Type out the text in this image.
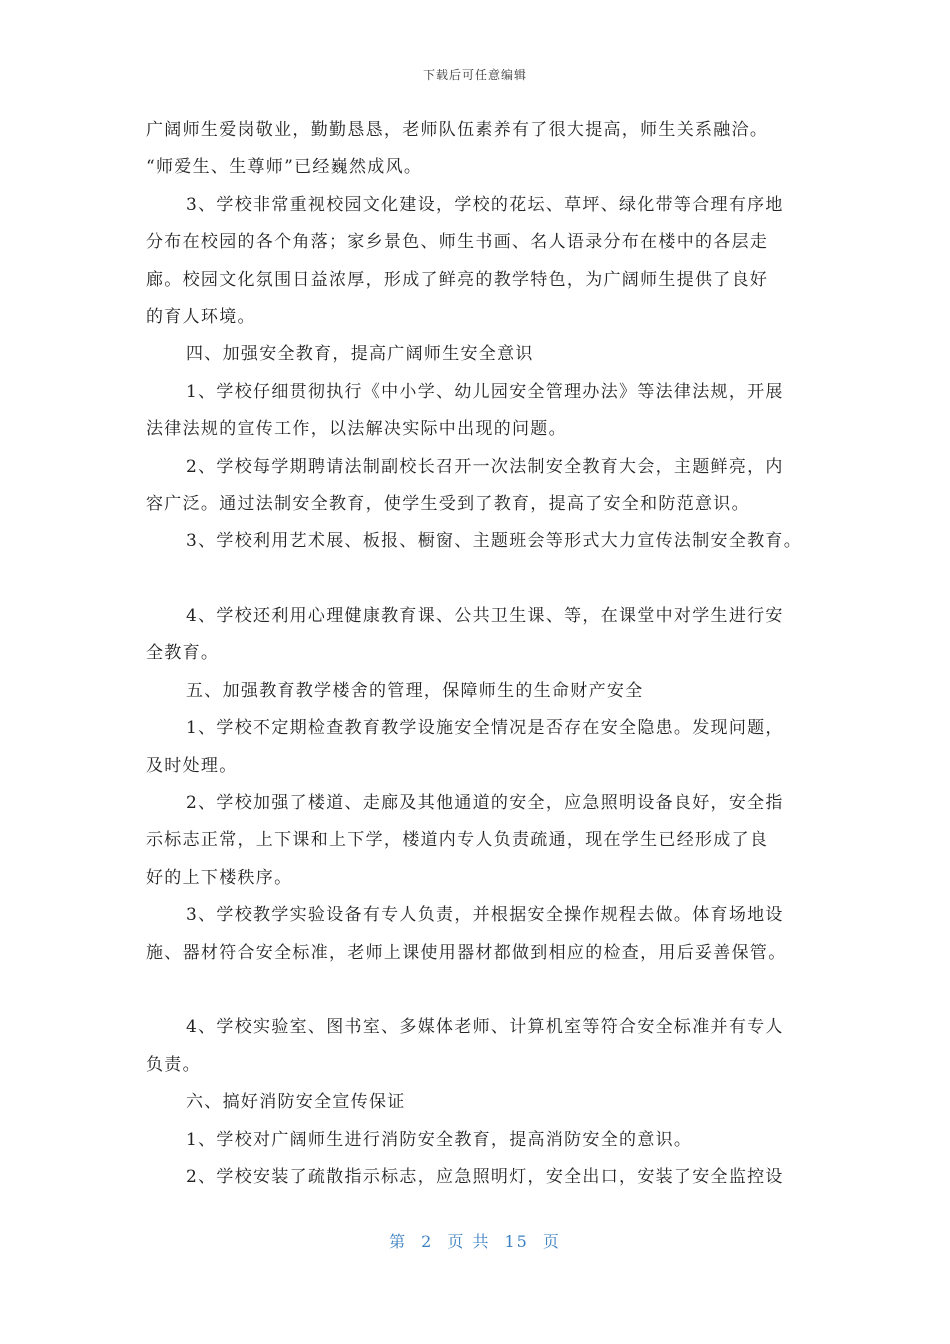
下载后可任意编辑
广阔师生爱岗敬业，勤勤恳恳，老师队伍素养有了很大提高，师生关系融洽。
“师爱生、生尊师”已经巍然成风。
3、学校非常重视校园文化建设，学校的花坛、草坪、绿化带等合理有序地
分布在校园的各个角落；家乡景色、师生书画、名人语录分布在楼中的各层走
廊。校园文化氛围日益浓厚，形成了鲜亮的教学特色，为广阔师生提供了良好
的育人环境。
四、加强安全教育，提高广阔师生安全意识
1、学校仔细贯彻执行《中小学、幼儿园安全管理办法》等法律法规，开展
法律法规的宣传工作，以法解决实际中出现的问题。
2、学校每学期聘请法制副校长召开一次法制安全教育大会，主题鲜亮，内
容广泛。通过法制安全教育，使学生受到了教育，提高了安全和防范意识。
3、学校利用艺术展、板报、橱窗、主题班会等形式大力宣传法制安全教育。
4、学校还利用心理健康教育课、公共卫生课、等，在课堂中对学生进行安
全教育。
五、加强教育教学楼舍的管理，保障师生的生命财产安全
1、学校不定期检查教育教学设施安全情况是否存在安全隐患。发现问题，
及时处理。
2、学校加强了楼道、走廊及其他通道的安全，应急照明设备良好，安全指
示标志正常，上下课和上下学，楼道内专人负责疏通，现在学生已经形成了良
好的上下楼秩序。
3、学校教学实验设备有专人负责，并根据安全操作规程去做。体育场地设
施、器材符合安全标准，老师上课使用器材都做到相应的检查，用后妥善保管。
4、学校实验室、图书室、多媒体老师、计算机室等符合安全标准并有专人
负责。
六、搞好消防安全宣传保证
1、学校对广阔师生进行消防安全教育，提高消防安全的意识。
2、学校安装了疏散指示标志，应急照明灯，安全出口，安装了安全监控设
第 2 页 共 15 页
